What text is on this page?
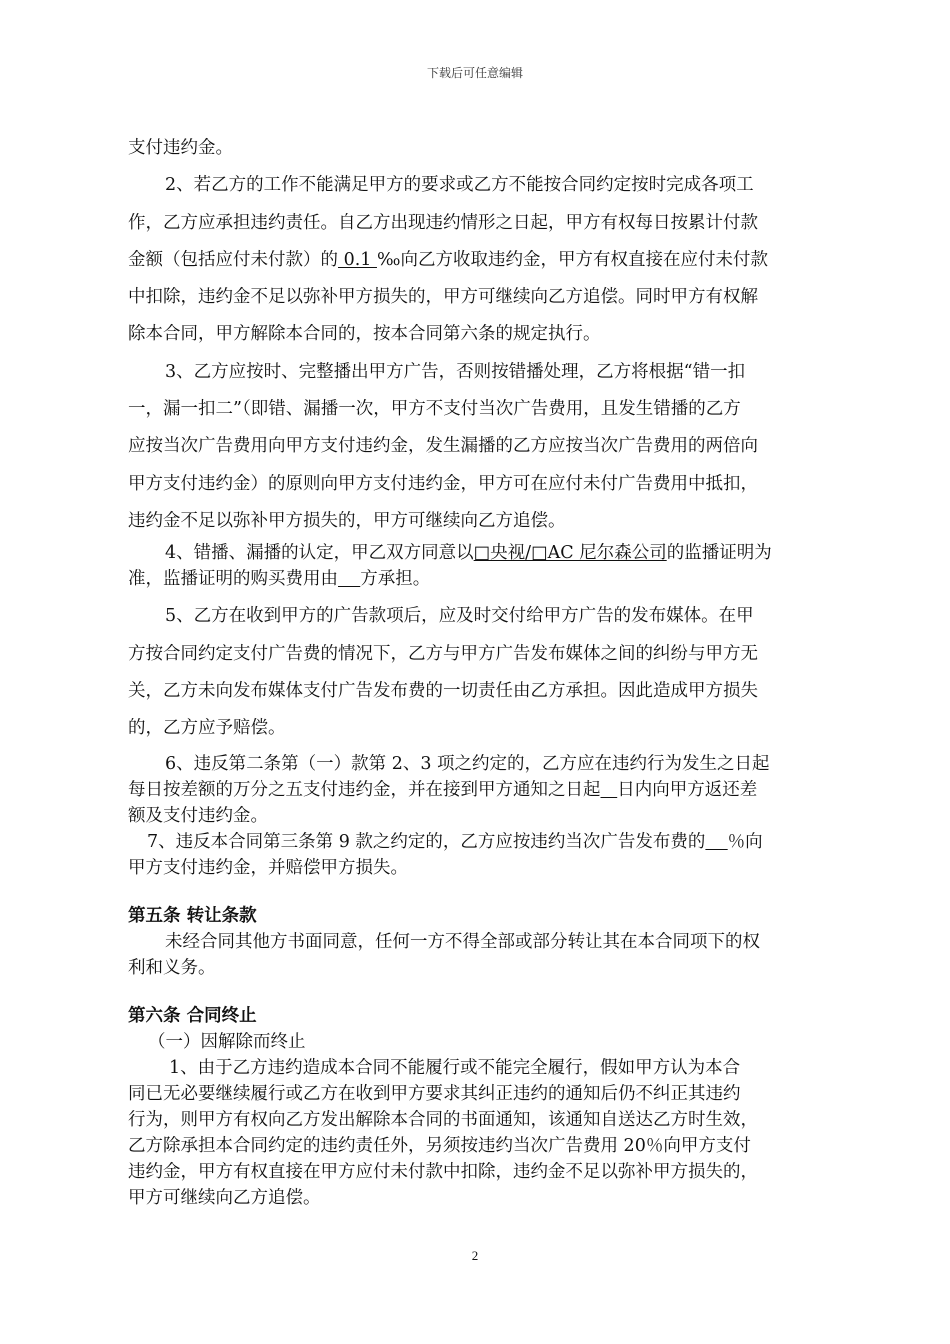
下载后可任意编辑

支付违约金。

2、若乙方的工作不能满足甲方的要求或乙方不能按合同约定按时完成各项工

作，乙方应承担违约责任。自乙方出现违约情形之日起，甲方有权每日按累计付款

金额（包括应付未付款）的 0.1 ‰向乙方收取违约金，甲方有权直接在应付未付款

中扣除，违约金不足以弥补甲方损失的，甲方可继续向乙方追偿。同时甲方有权解

除本合同，甲方解除本合同的，按本合同第六条的规定执行。

3、乙方应按时、完整播出甲方广告，否则按错播处理，乙方将根据“错一扣

一，漏一扣二”（即错、漏播一次，甲方不支付当次广告费用，且发生错播的乙方

应按当次广告费用向甲方支付违约金，发生漏播的乙方应按当次广告费用的两倍向

甲方支付违约金）的原则向甲方支付违约金，甲方可在应付未付广告费用中抵扣，

违约金不足以弥补甲方损失的，甲方可继续向乙方追偿。

4、错播、漏播的认定，甲乙双方同意以□央视/□AC 尼尔森公司的监播证明为

准，监播证明的购买费用由 方承担。

5、乙方在收到甲方的广告款项后，应及时交付给甲方广告的发布媒体。在甲

方按合同约定支付广告费的情况下，乙方与甲方广告发布媒体之间的纠纷与甲方无

关，乙方未向发布媒体支付广告发布费的一切责任由乙方承担。因此造成甲方损失

的，乙方应予赔偿。

6、违反第二条第（一）款第 2、3 项之约定的，乙方应在违约行为发生之日起

每日按差额的万分之五支付违约金，并在接到甲方通知之日起 日内向甲方返还差

额及支付违约金。

7、违反本合同第三条第 9 款之约定的，乙方应按违约当次广告发布费的 ％向

甲方支付违约金，并赔偿甲方损失。

第五条 转让条款

未经合同其他方书面同意，任何一方不得全部或部分转让其在本合同项下的权

利和义务。

第六条 合同终止

（一）因解除而终止

1、由于乙方违约造成本合同不能履行或不能完全履行，假如甲方认为本合

同已无必要继续履行或乙方在收到甲方要求其纠正违约的通知后仍不纠正其违约

行为，则甲方有权向乙方发出解除本合同的书面通知，该通知自送达乙方时生效，

乙方除承担本合同约定的违约责任外，另须按违约当次广告费用 20％向甲方支付

违约金，甲方有权直接在甲方应付未付款中扣除，违约金不足以弥补甲方损失的，

甲方可继续向乙方追偿。

2
